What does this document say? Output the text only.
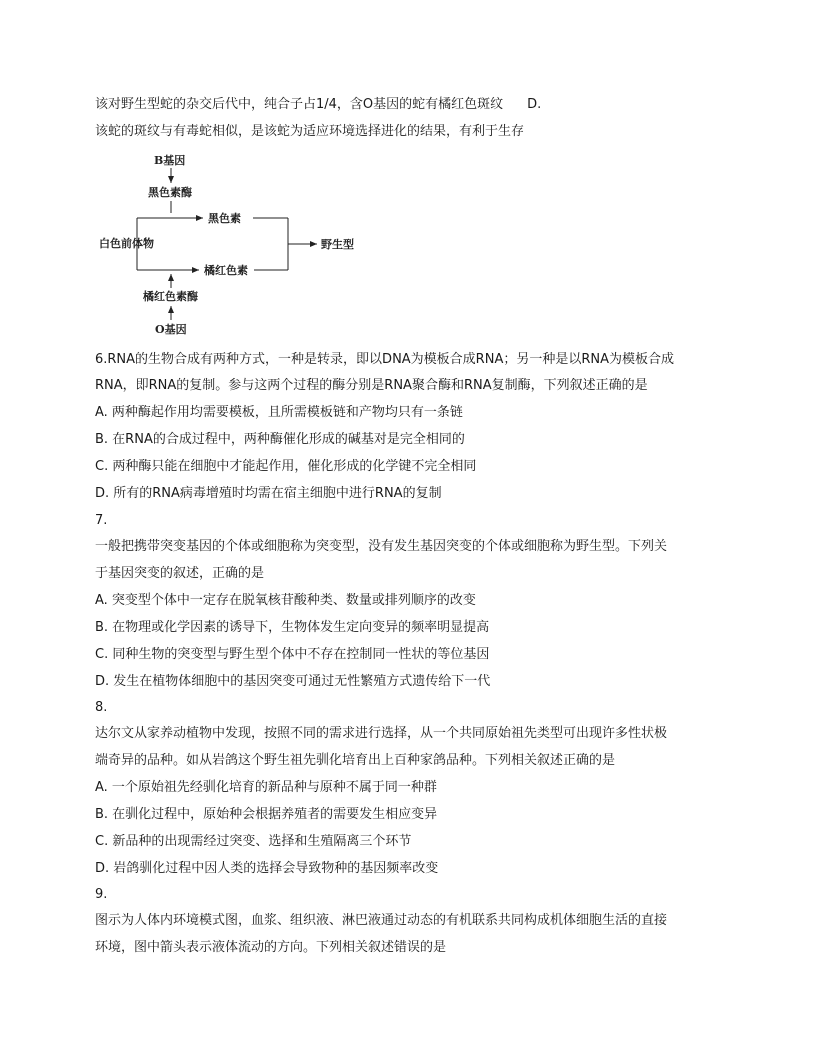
该对野生型蛇的杂交后代中，纯合子占1/4，含O基因的蛇有橘红色斑纹 D.
该蛇的斑纹与有毒蛇相似，是该蛇为适应环境选择进化的结果，有利于生存
B基因
黑色素酶
黑色素
白色前体物
橘红色素
野生型
橘红色素酶
O基因
6.RNA的生物合成有两种方式，一种是转录，即以DNA为模板合成RNA；另一种是以RNA为模板合成
RNA，即RNA的复制。参与这两个过程的酶分别是RNA聚合酶和RNA复制酶，下列叙述正确的是
A. 两种酶起作用均需要模板，且所需模板链和产物均只有一条链
B. 在RNA的合成过程中，两种酶催化形成的碱基对是完全相同的
C. 两种酶只能在细胞中才能起作用，催化形成的化学键不完全相同
D. 所有的RNA病毒增殖时均需在宿主细胞中进行RNA的复制
7.
一般把携带突变基因的个体或细胞称为突变型，没有发生基因突变的个体或细胞称为野生型。下列关
于基因突变的叙述，正确的是
A. 突变型个体中一定存在脱氧核苷酸种类、数量或排列顺序的改变
B. 在物理或化学因素的诱导下，生物体发生定向变异的频率明显提高
C. 同种生物的突变型与野生型个体中不存在控制同一性状的等位基因
D. 发生在植物体细胞中的基因突变可通过无性繁殖方式遗传给下一代
8.
达尔文从家养动植物中发现，按照不同的需求进行选择，从一个共同原始祖先类型可出现许多性状极
端奇异的品种。如从岩鸽这个野生祖先驯化培育出上百种家鸽品种。下列相关叙述正确的是
A. 一个原始祖先经驯化培育的新品种与原种不属于同一种群
B. 在驯化过程中，原始种会根据养殖者的需要发生相应变异
C. 新品种的出现需经过突变、选择和生殖隔离三个环节
D. 岩鸽驯化过程中因人类的选择会导致物种的基因频率改变
9.
图示为人体内环境模式图，血浆、组织液、淋巴液通过动态的有机联系共同构成机体细胞生活的直接
环境，图中箭头表示液体流动的方向。下列相关叙述错误的是
